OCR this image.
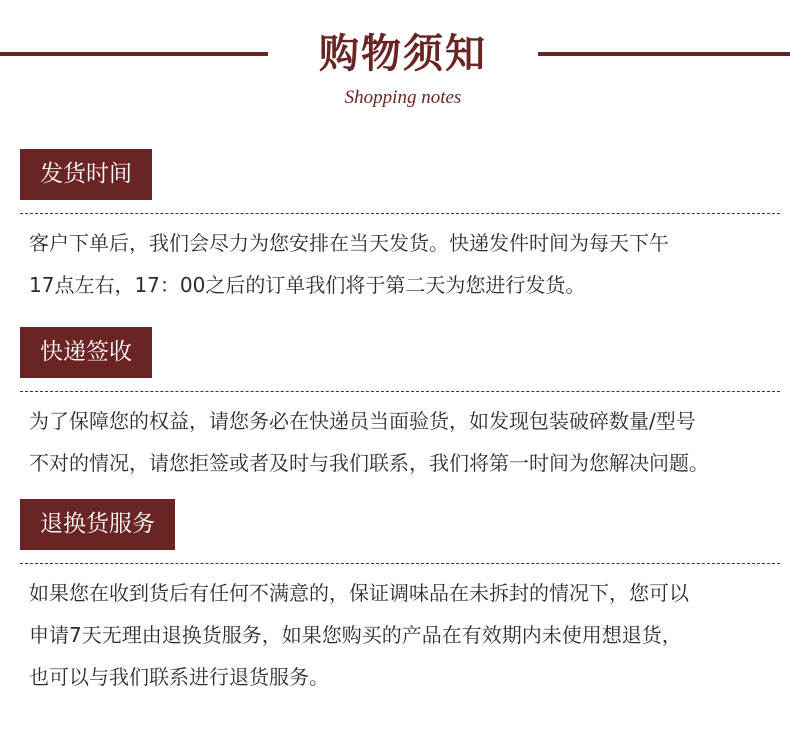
购物须知
Shopping notes
发货时间
客户下单后，我们会尽力为您安排在当天发货。快递发件时间为每天下午
17点左右，17：00之后的订单我们将于第二天为您进行发货。
快递签收
为了保障您的权益，请您务必在快递员当面验货，如发现包装破碎数量/型号
不对的情况，请您拒签或者及时与我们联系，我们将第一时间为您解决问题。
退换货服务
如果您在收到货后有任何不满意的，保证调味品在未拆封的情况下，您可以
申请7天无理由退换货服务，如果您购买的产品在有效期内未使用想退货，
也可以与我们联系进行退货服务。
